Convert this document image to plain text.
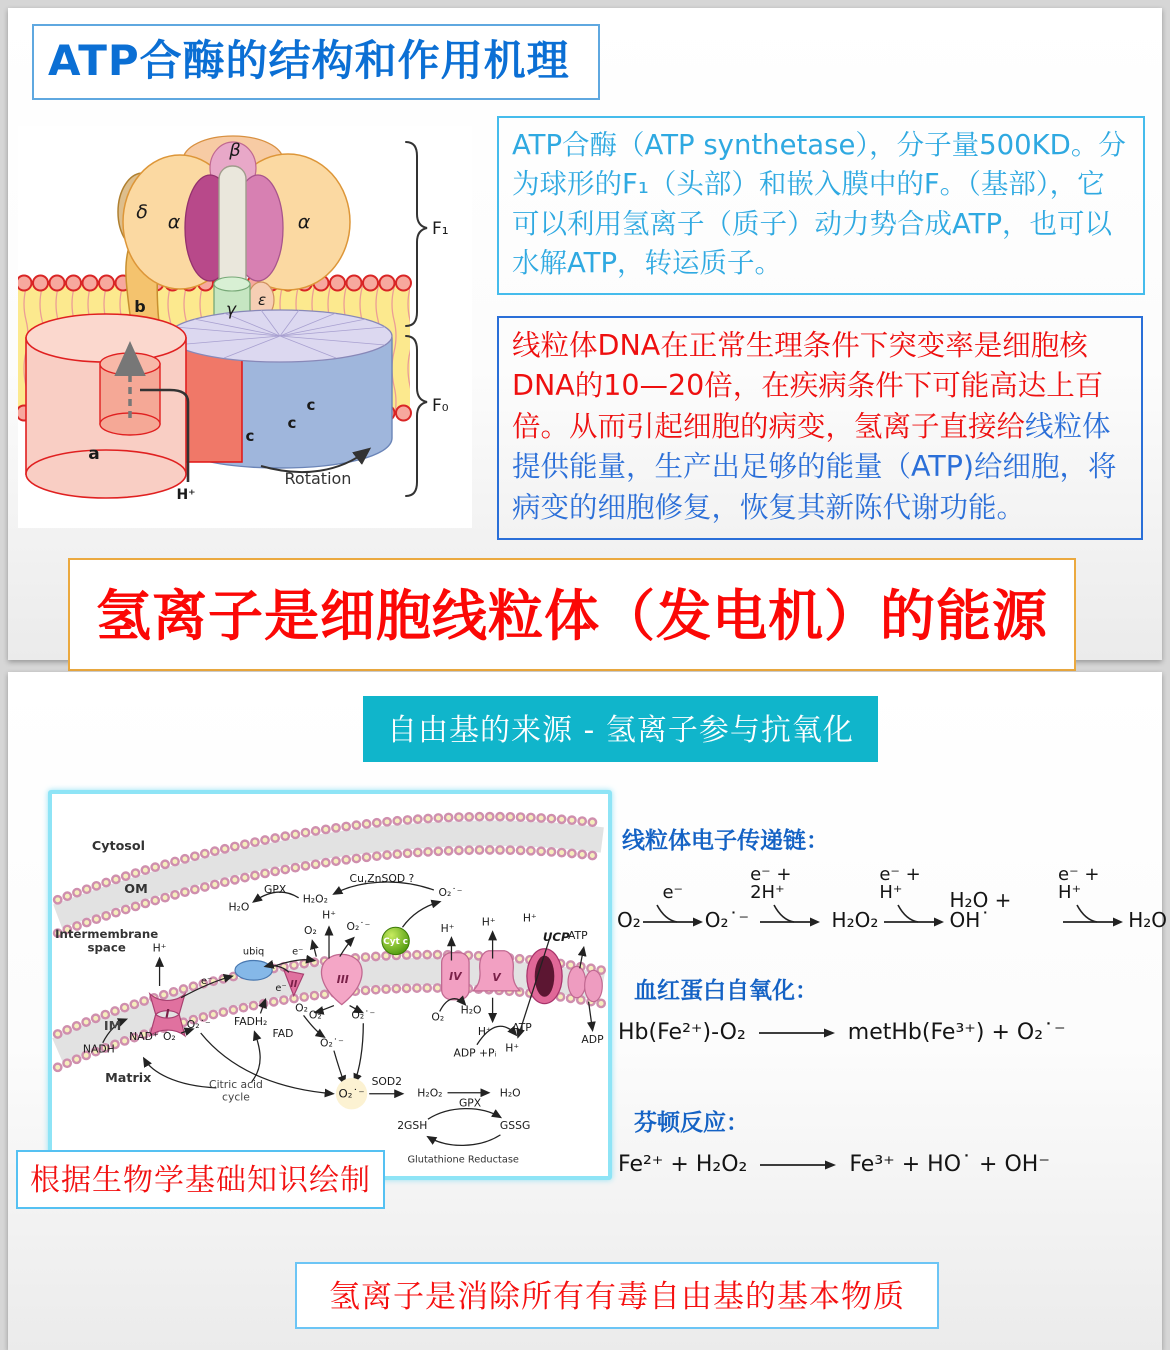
ATP合酶的结构和作用机理
β
α	α
δ
γ ε
b
a
c
c
c
H⁺
Rotation
F₁
F₀
ATP合酶（ATP synthetase），分子量500KD。分为球形的F₁（头部）和嵌入膜中的F。（基部），它可以利用氢离子（质子）动力势合成ATP，也可以水解ATP，转运质子。
线粒体DNA在正常生理条件下突变率是细胞核DNA的10—20倍，在疾病条件下可能高达上百倍。从而引起细胞的病变，氢离子直接给线粒体提供能量，生产出足够的能量（ATP)给细胞，将病变的细胞修复，恢复其新陈代谢功能。
氢离子是细胞线粒体（发电机）的能源
自由基的来源 - 氢离子参与抗氧化
Cytosol
OM
Intermembrane
space
IM
Matrix
H₂O
GPX
H₂O₂
Cu,ZnSOD ?
O₂˙⁻
H⁺
I
NADH
NAD⁺ O₂
O₂˙⁻
e⁻
ubiq
e⁻
e⁻
II
FADH₂
FAD
O₂
O₂˙⁻
O₂
H⁺
O₂˙⁻
III
Cyt c
O₂	O₂˙⁻
H⁺
IV
O₂
H₂O
H⁺
V
H⁺ ATP
ADP +Pᵢ
H⁺
UCP
H⁺
ATP
ADP
Citric acid
cycle	O₂˙⁻
SOD2
H₂O₂
GPX
H₂O
2GSH	GSSG
Glutathione Reductase
线粒体电子传递链：
O₂
e⁻
O₂˙⁻
e⁻ + 2H⁺
H₂O₂
e⁻ + H⁺	H₂O + OH˙
e⁻ + H⁺
H₂O
血红蛋白自氧化：
Hb(Fe²⁺)-O₂	metHb(Fe³⁺) + O₂˙⁻
芬顿反应：
Fe²⁺ + H₂O₂	Fe³⁺ + HO˙ + OH⁻
根据生物学基础知识绘制
氢离子是消除所有有毒自由基的基本物质
